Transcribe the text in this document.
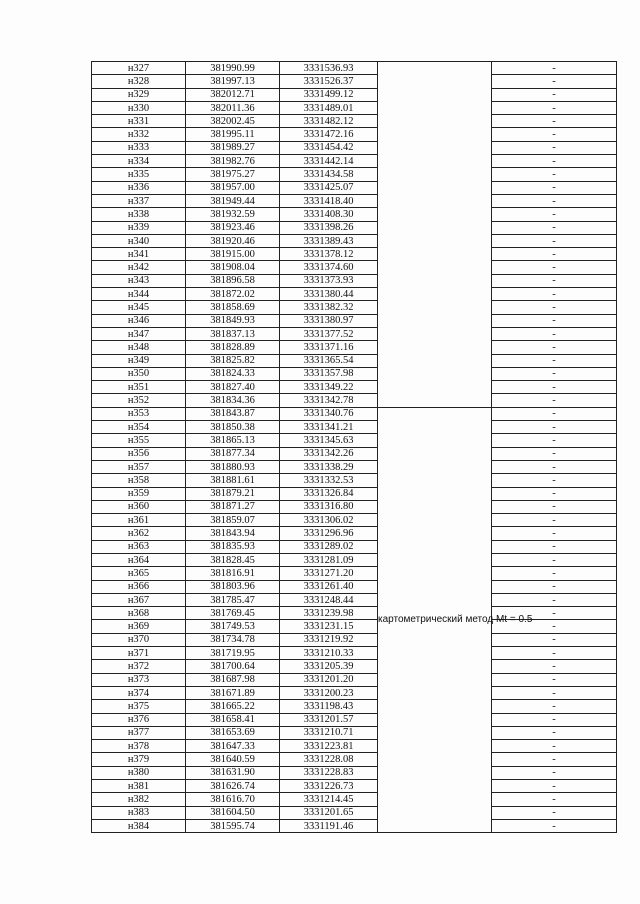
н327	381990.99	3331536.93		-
н328	381997.13	3331526.37		-
н329	382012.71	3331499.12		-
н330	382011.36	3331489.01		-
н331	382002.45	3331482.12		-
н332	381995.11	3331472.16		-
н333	381989.27	3331454.42		-
н334	381982.76	3331442.14		-
н335	381975.27	3331434.58		-
н336	381957.00	3331425.07		-
н337	381949.44	3331418.40		-
н338	381932.59	3331408.30		-
н339	381923.46	3331398.26		-
н340	381920.46	3331389.43		-
н341	381915.00	3331378.12		-
н342	381908.04	3331374.60		-
н343	381896.58	3331373.93		-
н344	381872.02	3331380.44		-
н345	381858.69	3331382.32		-
н346	381849.93	3331380.97		-
н347	381837.13	3331377.52		-
н348	381828.89	3331371.16		-
н349	381825.82	3331365.54		-
н350	381824.33	3331357.98		-
н351	381827.40	3331349.22		-
н352	381834.36	3331342.78		-
н353	381843.87	3331340.76	картометрический метод Mt = 0.5	-
н354	381850.38	3331341.21		-
н355	381865.13	3331345.63		-
н356	381877.34	3331342.26		-
н357	381880.93	3331338.29		-
н358	381881.61	3331332.53		-
н359	381879.21	3331326.84		-
н360	381871.27	3331316.80		-
н361	381859.07	3331306.02		-
н362	381843.94	3331296.96		-
н363	381835.93	3331289.02		-
н364	381828.45	3331281.09		-
н365	381816.91	3331271.20		-
н366	381803.96	3331261.40		-
н367	381785.47	3331248.44		-
н368	381769.45	3331239.98		-
н369	381749.53	3331231.15		-
н370	381734.78	3331219.92		-
н371	381719.95	3331210.33		-
н372	381700.64	3331205.39		-
н373	381687.98	3331201.20		-
н374	381671.89	3331200.23		-
н375	381665.22	3331198.43		-
н376	381658.41	3331201.57		-
н377	381653.69	3331210.71		-
н378	381647.33	3331223.81		-
н379	381640.59	3331228.08		-
н380	381631.90	3331228.83		-
н381	381626.74	3331226.73		-
н382	381616.70	3331214.45		-
н383	381604.50	3331201.65		-
н384	381595.74	3331191.46		-
